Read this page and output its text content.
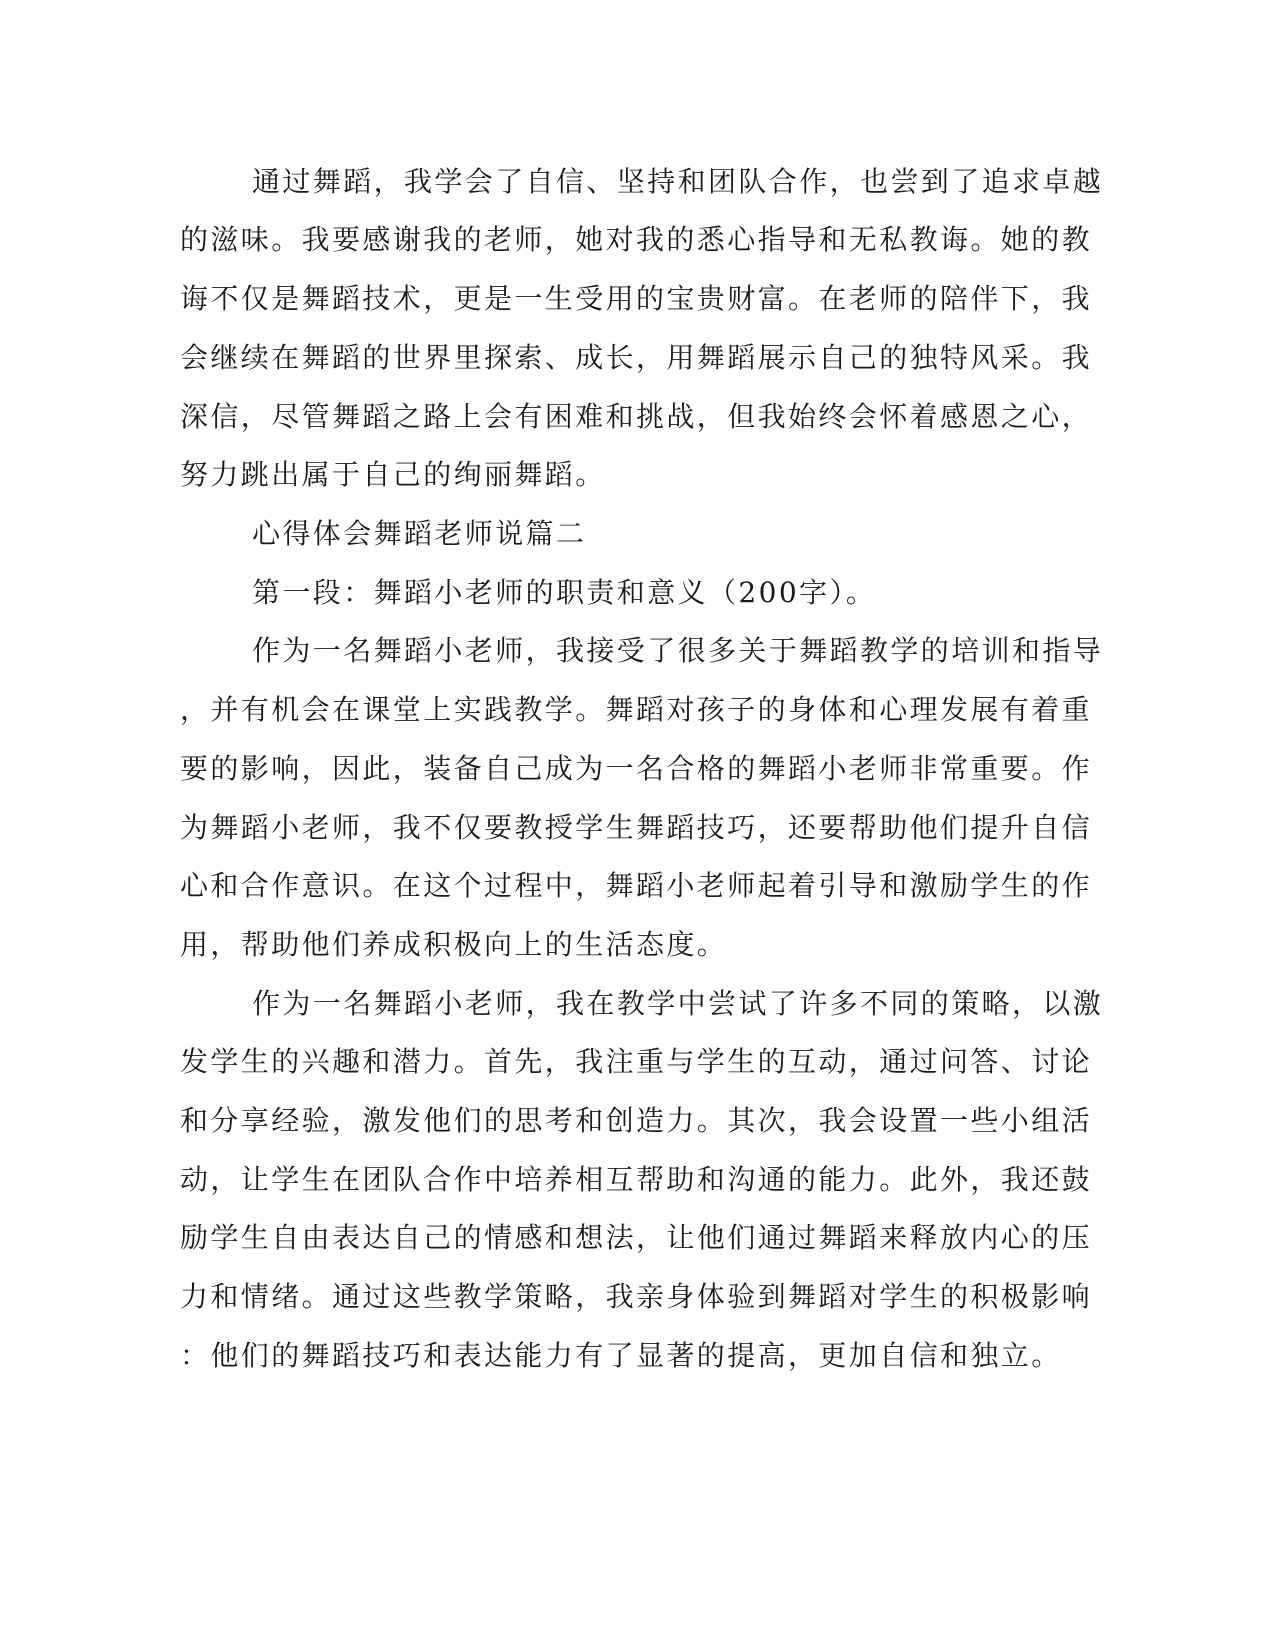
通过舞蹈，我学会了自信、坚持和团队合作，也尝到了追求卓越
的滋味。我要感谢我的老师，她对我的悉心指导和无私教诲。她的教
诲不仅是舞蹈技术，更是一生受用的宝贵财富。在老师的陪伴下，我
会继续在舞蹈的世界里探索、成长，用舞蹈展示自己的独特风采。我
深信，尽管舞蹈之路上会有困难和挑战，但我始终会怀着感恩之心，
努力跳出属于自己的绚丽舞蹈。
心得体会舞蹈老师说篇二
第一段：舞蹈小老师的职责和意义（200字）。
作为一名舞蹈小老师，我接受了很多关于舞蹈教学的培训和指导
，并有机会在课堂上实践教学。舞蹈对孩子的身体和心理发展有着重
要的影响，因此，装备自己成为一名合格的舞蹈小老师非常重要。作
为舞蹈小老师，我不仅要教授学生舞蹈技巧，还要帮助他们提升自信
心和合作意识。在这个过程中，舞蹈小老师起着引导和激励学生的作
用，帮助他们养成积极向上的生活态度。
作为一名舞蹈小老师，我在教学中尝试了许多不同的策略，以激
发学生的兴趣和潜力。首先，我注重与学生的互动，通过问答、讨论
和分享经验，激发他们的思考和创造力。其次，我会设置一些小组活
动，让学生在团队合作中培养相互帮助和沟通的能力。此外，我还鼓
励学生自由表达自己的情感和想法，让他们通过舞蹈来释放内心的压
力和情绪。通过这些教学策略，我亲身体验到舞蹈对学生的积极影响
：他们的舞蹈技巧和表达能力有了显著的提高，更加自信和独立。
